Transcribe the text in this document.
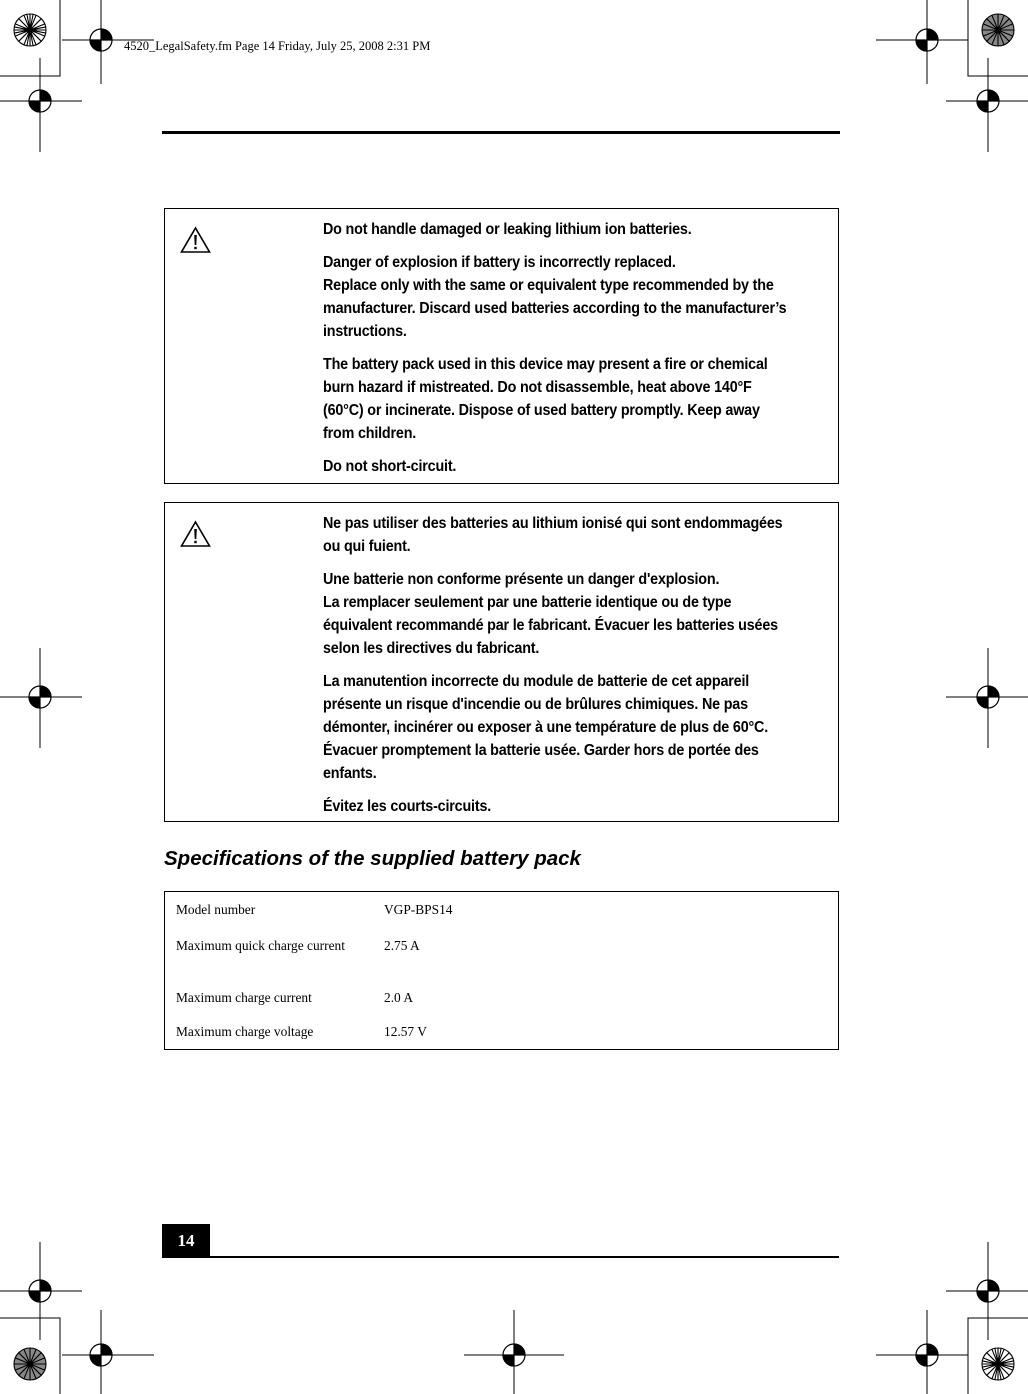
4520_LegalSafety.fm Page 14 Friday, July 25, 2008 2:31 PM

Do not handle damaged or leaking lithium ion batteries.

Danger of explosion if battery is incorrectly replaced.
Replace only with the same or equivalent type recommended by the manufacturer. Discard used batteries according to the manufacturer’s instructions.

The battery pack used in this device may present a fire or chemical burn hazard if mistreated. Do not disassemble, heat above 140°F (60°C) or incinerate. Dispose of used battery promptly. Keep away from children.

Do not short-circuit.

Ne pas utiliser des batteries au lithium ionisé qui sont endommagées ou qui fuient.

Une batterie non conforme présente un danger d'explosion.
La remplacer seulement par une batterie identique ou de type équivalent recommandé par le fabricant. Évacuer les batteries usées selon les directives du fabricant.

La manutention incorrecte du module de batterie de cet appareil présente un risque d'incendie ou de brûlures chimiques. Ne pas démonter, incinérer ou exposer à une température de plus de 60°C. Évacuer promptement la batterie usée. Garder hors de portée des enfants.

Évitez les courts-circuits.

Specifications of the supplied battery pack
Model number	VGP-BPS14
Maximum quick charge current	2.75 A
Maximum charge current	2.0 A
Maximum charge voltage	12.57 V
14
